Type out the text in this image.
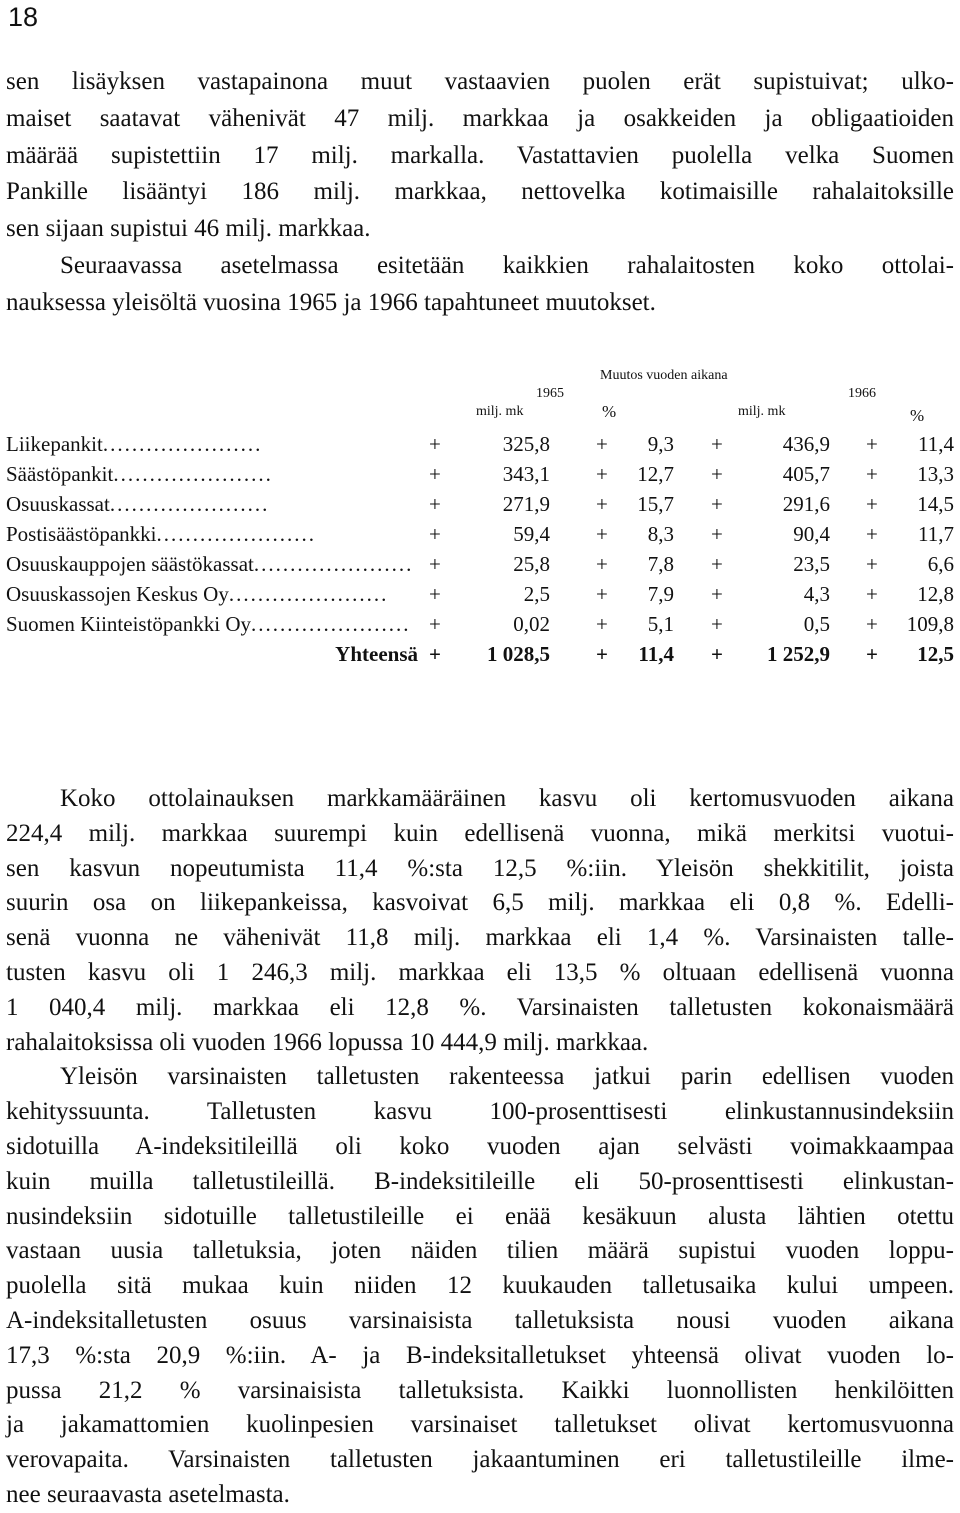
18
sen lisäyksen vastapainona muut vastaavien puolen erät supistuivat; ulko-
maiset saatavat vähenivät 47 milj. markkaa ja osakkeiden ja obligaatioiden
määrää supistettiin 17 milj. markalla. Vastattavien puolella velka Suomen
Pankille lisääntyi 186 milj. markkaa, nettovelka kotimaisille rahalaitoksille
sen sijaan supistui 46 milj. markkaa.
Seuraavassa asetelmassa esitetään kaikkien rahalaitosten koko ottolai-
nauksessa yleisöltä vuosina 1965 ja 1966 tapahtuneet muutokset.
Muutos vuoden aikana
1965	1966
milj. mk	%	milj. mk	%
Liikepankit......................	+	325,8 +	9,3 +	436,9 +	11,4
Säästöpankit......................	+	343,1 +	12,7 +	405,7 +	13,3
Osuuskassat......................	+	271,9 +	15,7 +	291,6 +	14,5
Postisäästöpankki......................	+	59,4 +	8,3 +	90,4 +	11,7
Osuuskauppojen säästökassat...................... +	25,8 +	7,8 +	23,5 +	6,6
Osuuskassojen Keskus Oy......................	+	2,5 +	7,9 +	4,3 +	12,8
Suomen Kiinteistöpankki Oy...................... +	0,02 +	5,1 +	0,5 +	109,8
Yhteensä +	1 028,5 +	11,4 +	1 252,9 +	12,5
Koko ottolainauksen markkamääräinen kasvu oli kertomusvuoden aikana
224,4 milj. markkaa suurempi kuin edellisenä vuonna, mikä merkitsi vuotui-
sen kasvun nopeutumista 11,4 %:sta 12,5 %:iin. Yleisön shekkitilit, joista
suurin osa on liikepankeissa, kasvoivat 6,5 milj. markkaa eli 0,8 %. Edelli-
senä vuonna ne vähenivät 11,8 milj. markkaa eli 1,4 %. Varsinaisten talle-
tusten kasvu oli 1 246,3 milj. markkaa eli 13,5 % oltuaan edellisenä vuonna
1 040,4 milj. markkaa eli 12,8 %. Varsinaisten talletusten kokonaismäärä
rahalaitoksissa oli vuoden 1966 lopussa 10 444,9 milj. markkaa.
Yleisön varsinaisten talletusten rakenteessa jatkui parin edellisen vuoden
kehityssuunta. Talletusten kasvu 100-prosenttisesti elinkustannusindeksiin
sidotuilla A-indeksitileillä oli koko vuoden ajan selvästi voimakkaampaa
kuin muilla talletustileillä. B-indeksitileille eli 50-prosenttisesti elinkustan-
nusindeksiin sidotuille talletustileille ei enää kesäkuun alusta lähtien otettu
vastaan uusia talletuksia, joten näiden tilien määrä supistui vuoden loppu-
puolella sitä mukaa kuin niiden 12 kuukauden talletusaika kului umpeen.
A-indeksitalletusten osuus varsinaisista talletuksista nousi vuoden aikana
17,3 %:sta 20,9 %:iin. A- ja B-indeksitalletukset yhteensä olivat vuoden lo-
pussa 21,2 % varsinaisista talletuksista. Kaikki luonnollisten henkilöitten
ja jakamattomien kuolinpesien varsinaiset talletukset olivat kertomusvuonna
verovapaita. Varsinaisten talletusten jakaantuminen eri talletustileille ilme-
nee seuraavasta asetelmasta.
